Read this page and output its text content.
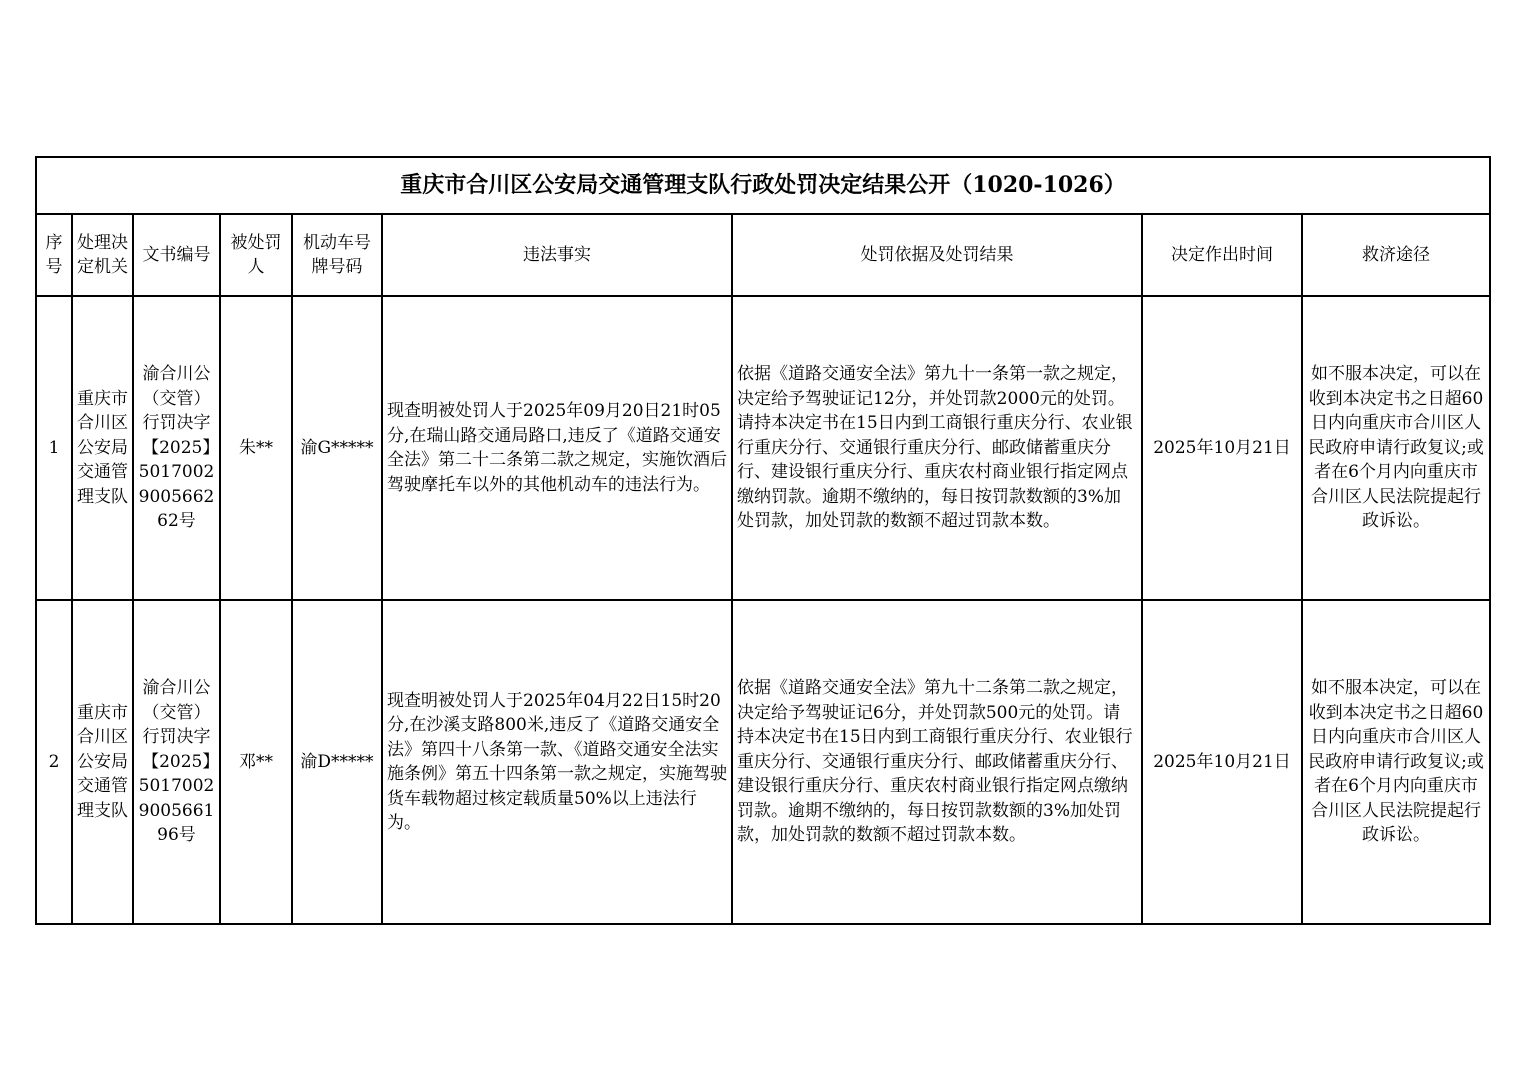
重庆市合川区公安局交通管理支队行政处罚决定结果公开（1020-1026）								
序号	处理决定机关	文书编号	被处罚人	机动车号牌号码	违法事实	处罚依据及处罚结果	决定作出时间	救济途径
1	重庆市合川区公安局交通管理支队	渝合川公（交管）行罚决字【2025】5017002900566262号	朱**	渝G*****	现查明被处罚人于2025年09月20日21时05分,在瑞山路交通局路口,违反了《道路交通安全法》第二十二条第二款之规定，实施饮酒后驾驶摩托车以外的其他机动车的违法行为。	依据《道路交通安全法》第九十一条第一款之规定，决定给予驾驶证记12分，并处罚款2000元的处罚。请持本决定书在15日内到工商银行重庆分行、农业银行重庆分行、交通银行重庆分行、邮政储蓄重庆分行、建设银行重庆分行、重庆农村商业银行指定网点缴纳罚款。逾期不缴纳的，每日按罚款数额的3%加处罚款，加处罚款的数额不超过罚款本数。	2025年10月21日	如不服本决定，可以在收到本决定书之日超60日内向重庆市合川区人民政府申请行政复议;或者在6个月内向重庆市合川区人民法院提起行政诉讼。
2	重庆市合川区公安局交通管理支队	渝合川公（交管）行罚决字【2025】5017002900566196号	邓**	渝D*****	现查明被处罚人于2025年04月22日15时20分,在沙溪支路800米,违反了《道路交通安全法》第四十八条第一款、《道路交通安全法实施条例》第五十四条第一款之规定，实施驾驶货车载物超过核定载质量50%以上违法行为。	依据《道路交通安全法》第九十二条第二款之规定，决定给予驾驶证记6分，并处罚款500元的处罚。请持本决定书在15日内到工商银行重庆分行、农业银行重庆分行、交通银行重庆分行、邮政储蓄重庆分行、建设银行重庆分行、重庆农村商业银行指定网点缴纳罚款。逾期不缴纳的，每日按罚款数额的3%加处罚款，加处罚款的数额不超过罚款本数。	2025年10月21日	如不服本决定，可以在收到本决定书之日超60日内向重庆市合川区人民政府申请行政复议;或者在6个月内向重庆市合川区人民法院提起行政诉讼。
